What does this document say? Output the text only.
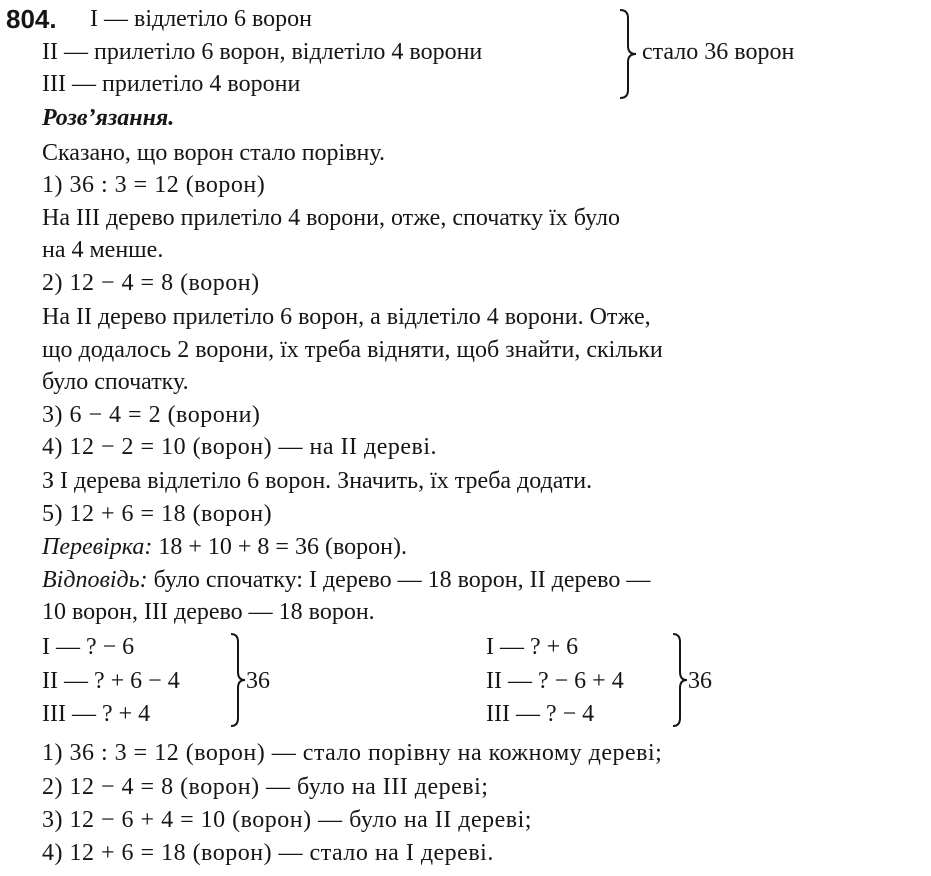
804. I — відлетіло 6 ворон
II — прилетіло 6 ворон, відлетіло 4 ворони
III — прилетіло 4 ворони
стало 36 ворон
Розв’язання.
Сказано, що ворон стало порівну.
1) 36 : 3 = 12 (ворон)
На III дерево прилетіло 4 ворони, отже, спочатку їх було
на 4 менше.
2) 12 − 4 = 8 (ворон)
На II дерево прилетіло 6 ворон, а відлетіло 4 ворони. Отже,
що додалось 2 ворони, їх треба відняти, щоб знайти, скільки
було спочатку.
3) 6 − 4 = 2 (ворони)
4) 12 − 2 = 10 (ворон) — на II дереві.
З I дерева відлетіло 6 ворон. Значить, їх треба додати.
5) 12 + 6 = 18 (ворон)
Перевірка: 18 + 10 + 8 = 36 (ворон).
Відповідь: було спочатку: I дерево — 18 ворон, II дерево —
10 ворон, III дерево — 18 ворон.
I — ? − 6
II — ? + 6 − 4
III — ? + 4
36
I — ? + 6
II — ? − 6 + 4
III — ? − 4
36
1) 36 : 3 = 12 (ворон) — стало порівну на кожному дереві;
2) 12 − 4 = 8 (ворон) — було на III дереві;
3) 12 − 6 + 4 = 10 (ворон) — було на II дереві;
4) 12 + 6 = 18 (ворон) — стало на I дереві.
